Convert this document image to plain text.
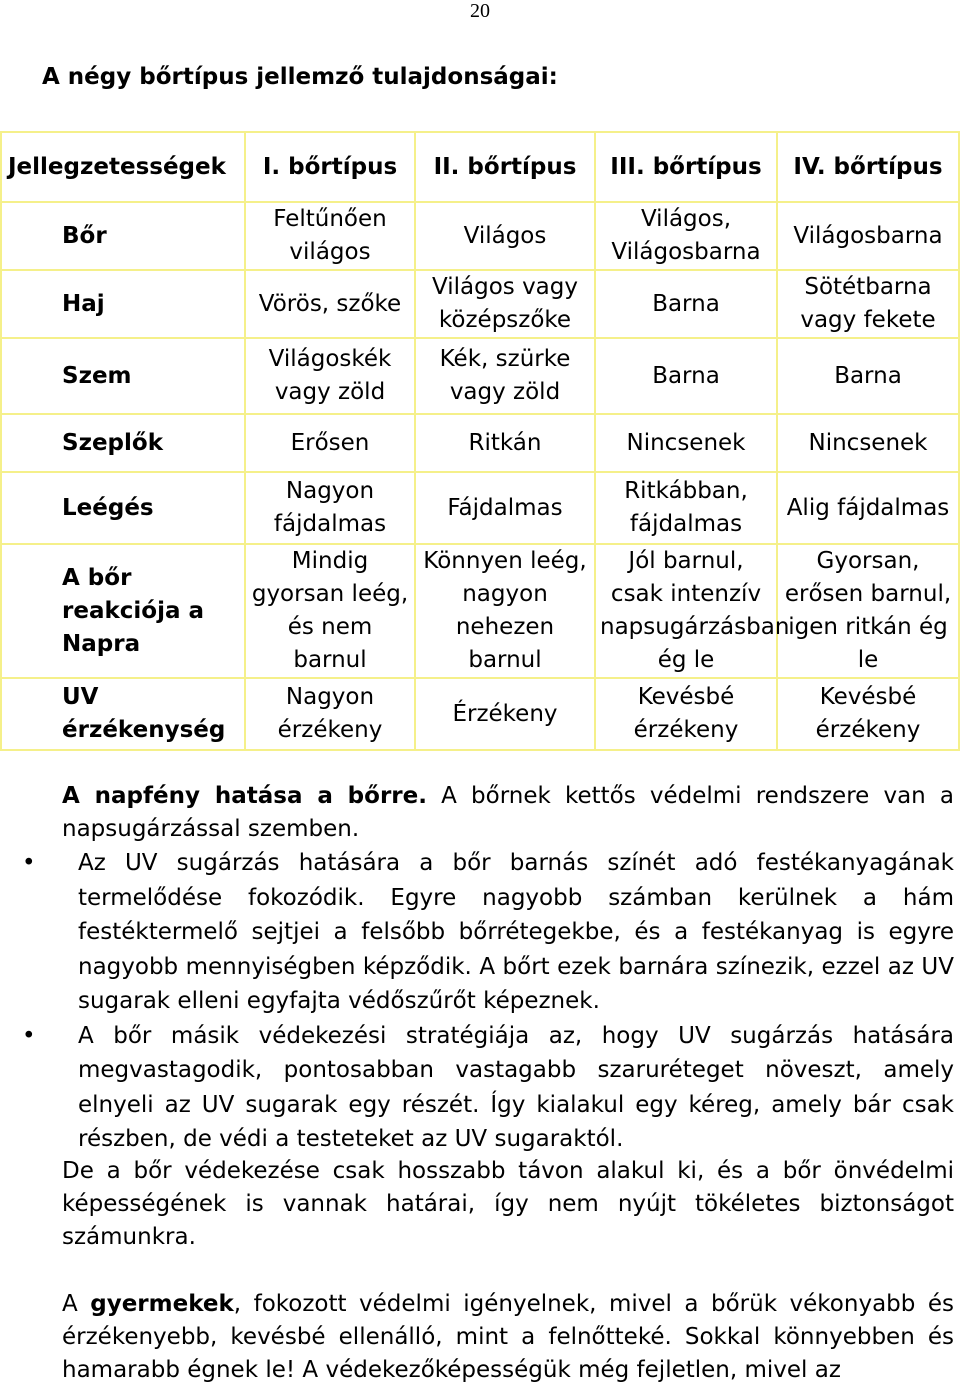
20
A négy bőrtípus jellemző tulajdonságai:
Jellegzetességek	I. bőrtípus	II. bőrtípus	III. bőrtípus	IV. bőrtípus
Bőr	Feltűnően világos	Világos	Világos, Világosbarna	Világosbarna
Haj	Vörös, szőke	Világos vagy középszőke	Barna	Sötétbarna vagy fekete
Szem	Világoskék vagy zöld	Kék, szürke vagy zöld	Barna	Barna
Szeplők	Erősen	Ritkán	Nincsenek	Nincsenek
Leégés	Nagyon fájdalmas	Fájdalmas	Ritkábban, fájdalmas	Alig fájdalmas
A bőr reakciója a Napra	Mindig gyorsan leég, és nem barnul	Könnyen leég, nagyon nehezen barnul	Jól barnul, csak intenzív napsugárzásban ég le	Gyorsan, erősen barnul, igen ritkán ég le
UV érzékenység	Nagyon érzékeny	Érzékeny	Kevésbé érzékeny	Kevésbé érzékeny

A napfény hatása a bőrre. A bőrnek kettős védelmi rendszere van a napsugárzással szemben.

• Az UV sugárzás hatására a bőr barnás színét adó festékanyagának termelődése fokozódik. Egyre nagyobb számban kerülnek a hám festéktermelő sejtjei a felsőbb bőrrétegekbe, és a festékanyag is egyre nagyobb mennyiségben képződik. A bőrt ezek barnára színezik, ezzel az UV sugarak elleni egyfajta védőszűrőt képeznek.
• A bőr másik védekezési stratégiája az, hogy UV sugárzás hatására megvastagodik, pontosabban vastagabb szaruréteget növeszt, amely elnyeli az UV sugarak egy részét. Így kialakul egy kéreg, amely bár csak részben, de védi a testeteket az UV sugaraktól.

De a bőr védekezése csak hosszabb távon alakul ki, és a bőr önvédelmi képességének is vannak határai, így nem nyújt tökéletes biztonságot számunkra.

A gyermekek, fokozott védelmi igényelnek, mivel a bőrük vékonyabb és érzékenyebb, kevésbé ellenálló, mint a felnőtteké. Sokkal könnyebben és hamarabb égnek le! A védekezőképességük még fejletlen, mivel az
